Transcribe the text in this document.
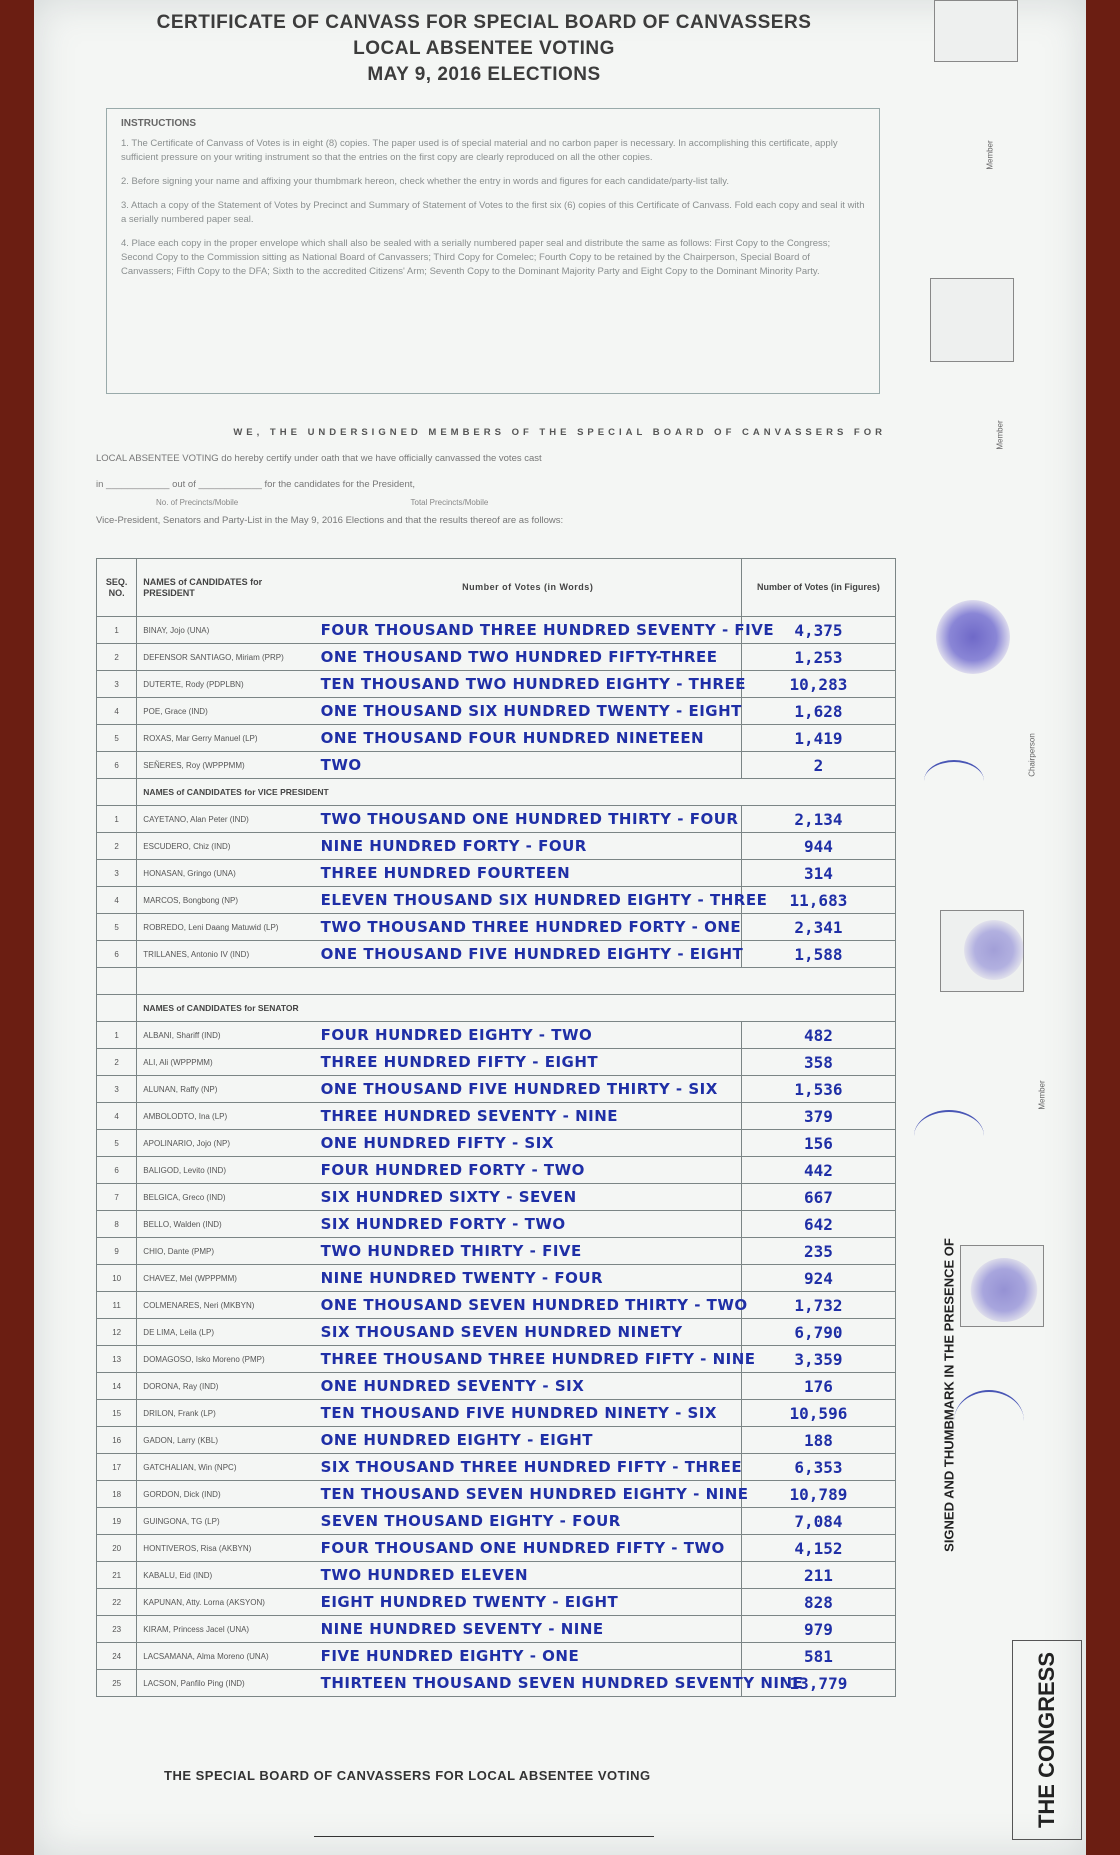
CERTIFICATE OF CANVASS FOR SPECIAL BOARD OF CANVASSERS
LOCAL ABSENTEE VOTING
MAY 9, 2016 ELECTIONS
INSTRUCTIONS

1. The Certificate of Canvass of Votes is in eight (8) copies. The paper used is of special material and no carbon paper is necessary. In accomplishing this certificate, apply sufficient pressure on your writing instrument so that the entries on the first copy are clearly reproduced on all the other copies.

2. Before signing your name and affixing your thumbmark hereon, check whether the entry in words and figures for each candidate/party-list tally.

3. Attach a copy of the Statement of Votes by Precinct and Summary of Statement of Votes to the first six (6) copies of this Certificate of Canvass. Fold each copy and seal it with a serially numbered paper seal.

4. Place each copy in the proper envelope which shall also be sealed with a serially numbered paper seal and distribute the same as follows: First Copy to the Congress; Second Copy to the Commission sitting as National Board of Canvassers; Third Copy for Comelec; Fourth Copy to be retained by the Chairperson, Special Board of Canvassers; Fifth Copy to the DFA; Sixth to the accredited Citizens' Arm; Seventh Copy to the Dominant Majority Party and Eight Copy to the Dominant Minority Party.

WE, THE UNDERSIGNED MEMBERS OF THE SPECIAL BOARD OF CANVASSERS FOR
LOCAL ABSENTEE VOTING do hereby certify under oath that we have officially canvassed the votes cast
in ____________ out of ____________ for the candidates for the President,
No. of Precincts/Mobile	Total Precincts/Mobile
Vice-President, Senators and Party-List in the May 9, 2016 Elections and that the results thereof are as follows:
SEQ. NO.	NAMES of CANDIDATES for PRESIDENT	Number of Votes (in Words)	Number of Votes (in Figures)
1	BINAY, Jojo (UNA)	FOUR THOUSAND THREE HUNDRED SEVENTY - FIVE	4,375
2	DEFENSOR SANTIAGO, Miriam (PRP)	ONE THOUSAND TWO HUNDRED FIFTY-THREE	1,253
3	DUTERTE, Rody (PDPLBN)	TEN THOUSAND TWO HUNDRED EIGHTY - THREE	10,283
4	POE, Grace (IND)	ONE THOUSAND SIX HUNDRED TWENTY - EIGHT	1,628
5	ROXAS, Mar Gerry Manuel (LP)	ONE THOUSAND FOUR HUNDRED NINETEEN	1,419
6	SEÑERES, Roy (WPPPMM)	TWO	2
	NAMES of CANDIDATES for VICE PRESIDENT		
1	CAYETANO, Alan Peter (IND)	TWO THOUSAND ONE HUNDRED THIRTY - FOUR	2,134
2	ESCUDERO, Chiz (IND)	NINE HUNDRED FORTY - FOUR	944
3	HONASAN, Gringo (UNA)	THREE HUNDRED FOURTEEN	314
4	MARCOS, Bongbong (NP)	ELEVEN THOUSAND SIX HUNDRED EIGHTY - THREE	11,683
5	ROBREDO, Leni Daang Matuwid (LP)	TWO THOUSAND THREE HUNDRED FORTY - ONE	2,341
6	TRILLANES, Antonio IV (IND)	ONE THOUSAND FIVE HUNDRED EIGHTY - EIGHT	1,588

	NAMES of CANDIDATES for SENATOR		
1	ALBANI, Shariff (IND)	FOUR HUNDRED EIGHTY - TWO	482
2	ALI, Ali (WPPPMM)	THREE HUNDRED FIFTY - EIGHT	358
3	ALUNAN, Raffy (NP)	ONE THOUSAND FIVE HUNDRED THIRTY - SIX	1,536
4	AMBOLODTO, Ina (LP)	THREE HUNDRED SEVENTY - NINE	379
5	APOLINARIO, Jojo (NP)	ONE HUNDRED FIFTY - SIX	156
6	BALIGOD, Levito (IND)	FOUR HUNDRED FORTY - TWO	442
7	BELGICA, Greco (IND)	SIX HUNDRED SIXTY - SEVEN	667
8	BELLO, Walden (IND)	SIX HUNDRED FORTY - TWO	642
9	CHIO, Dante (PMP)	TWO HUNDRED THIRTY - FIVE	235
10	CHAVEZ, Mel (WPPPMM)	NINE HUNDRED TWENTY - FOUR	924
11	COLMENARES, Neri (MKBYN)	ONE THOUSAND SEVEN HUNDRED THIRTY - TWO	1,732
12	DE LIMA, Leila (LP)	SIX THOUSAND SEVEN HUNDRED NINETY	6,790
13	DOMAGOSO, Isko Moreno (PMP)	THREE THOUSAND THREE HUNDRED FIFTY - NINE	3,359
14	DORONA, Ray (IND)	ONE HUNDRED SEVENTY - SIX	176
15	DRILON, Frank (LP)	TEN THOUSAND FIVE HUNDRED NINETY - SIX	10,596
16	GADON, Larry (KBL)	ONE HUNDRED EIGHTY - EIGHT	188
17	GATCHALIAN, Win (NPC)	SIX THOUSAND THREE HUNDRED FIFTY - THREE	6,353
18	GORDON, Dick (IND)	TEN THOUSAND SEVEN HUNDRED EIGHTY - NINE	10,789
19	GUINGONA, TG (LP)	SEVEN THOUSAND EIGHTY - FOUR	7,084
20	HONTIVEROS, Risa (AKBYN)	FOUR THOUSAND ONE HUNDRED FIFTY - TWO	4,152
21	KABALU, Eid (IND)	TWO HUNDRED ELEVEN	211
22	KAPUNAN, Atty. Lorna (AKSYON)	EIGHT HUNDRED TWENTY - EIGHT	828
23	KIRAM, Princess Jacel (UNA)	NINE HUNDRED SEVENTY - NINE	979
24	LACSAMANA, Alma Moreno (UNA)	FIVE HUNDRED EIGHTY - ONE	581
25	LACSON, Panfilo Ping (IND)	THIRTEEN THOUSAND SEVEN HUNDRED SEVENTY NINE	13,779
THE SPECIAL BOARD OF CANVASSERS FOR LOCAL ABSENTEE VOTING
Member
Member
Chairperson
Member
SIGNED AND THUMBMARK IN THE PRESENCE OF
THE CONGRESS
